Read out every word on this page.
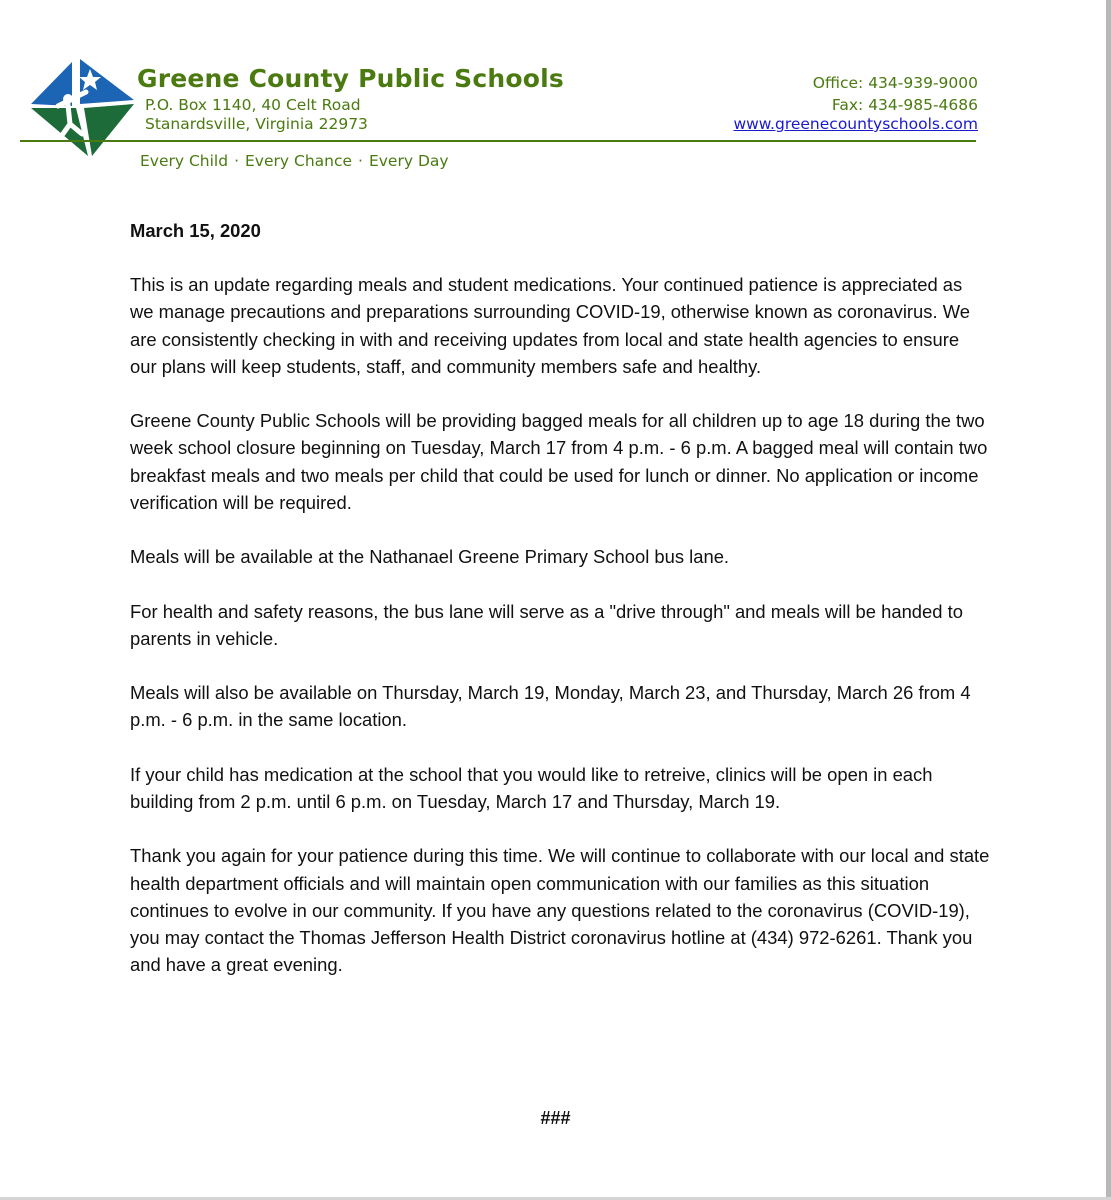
Greene County Public Schools
P.O. Box 1140, 40 Celt Road
Stanardsville, Virginia 22973
Office: 434-939-9000
Fax: 434-985-4686
www.greenecountyschools.com
Every Child · Every Chance · Every Day

March 15, 2020

This is an update regarding meals and student medications. Your continued patience is appreciated as we manage precautions and preparations surrounding COVID-19, otherwise known as coronavirus. We are consistently checking in with and receiving updates from local and state health agencies to ensure our plans will keep students, staff, and community members safe and healthy.

Greene County Public Schools will be providing bagged meals for all children up to age 18 during the two week school closure beginning on Tuesday, March 17 from 4 p.m. - 6 p.m. A bagged meal will contain two breakfast meals and two meals per child that could be used for lunch or dinner. No application or income verification will be required.

Meals will be available at the Nathanael Greene Primary School bus lane.

For health and safety reasons, the bus lane will serve as a "drive through" and meals will be handed to parents in vehicle.

Meals will also be available on Thursday, March 19, Monday, March 23, and Thursday, March 26 from 4 p.m. - 6 p.m. in the same location.

If your child has medication at the school that you would like to retreive, clinics will be open in each building from 2 p.m. until 6 p.m. on Tuesday, March 17 and Thursday, March 19.

Thank you again for your patience during this time. We will continue to collaborate with our local and state health department officials and will maintain open communication with our families as this situation continues to evolve in our community. If you have any questions related to the coronavirus (COVID-19), you may contact the Thomas Jefferson Health District coronavirus hotline at (434) 972-6261. Thank you and have a great evening.

###
